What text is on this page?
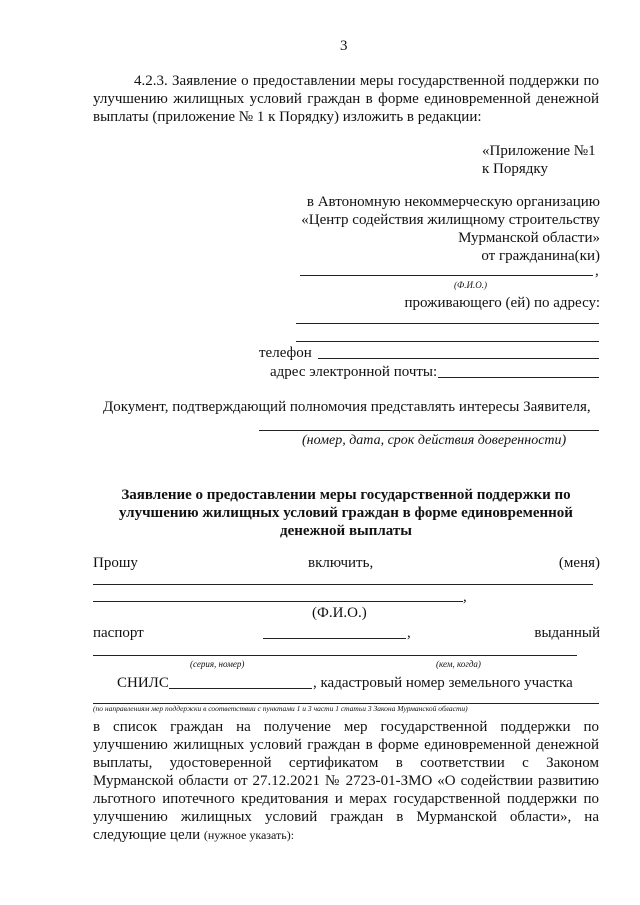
3
4.2.3. Заявление о предоставлении меры государственной поддержки по
улучшению жилищных условий граждан в форме единовременной денежной
выплаты (приложение № 1 к Порядку) изложить в редакции:
«Приложение №1
к Порядку
в Автономную некоммерческую организацию
«Центр содействия жилищному строительству
Мурманской области»
от гражданина(ки)
,
(Ф.И.О.)
проживающего (ей) по адресу:
телефон
адрес электронной почты:
Документ, подтверждающий полномочия представлять интересы Заявителя,
(номер, дата, срок действия доверенности)
Заявление о предоставлении меры государственной поддержки по
улучшению жилищных условий граждан в форме единовременной
денежной выплаты
Прошу	включить,	(меня)
,
(Ф.И.О.)
паспорт	,	выданный
(серия, номер)	(кем, когда)
СНИЛС	, кадастровый номер земельного участка
(по направлениям мер поддержки в соответствии с пунктами 1 и 3 части 1 статьи 3 Закона Мурманской области)
в список граждан на получение мер государственной поддержки по
улучшению жилищных условий граждан в форме единовременной денежной
выплаты, удостоверенной сертификатом в соответствии с Законом
Мурманской области от 27.12.2021 № 2723-01-ЗМО «О содействии развитию
льготного ипотечного кредитования и мерах государственной поддержки по
улучшению жилищных условий граждан в Мурманской области», на
следующие цели (нужное указать):
